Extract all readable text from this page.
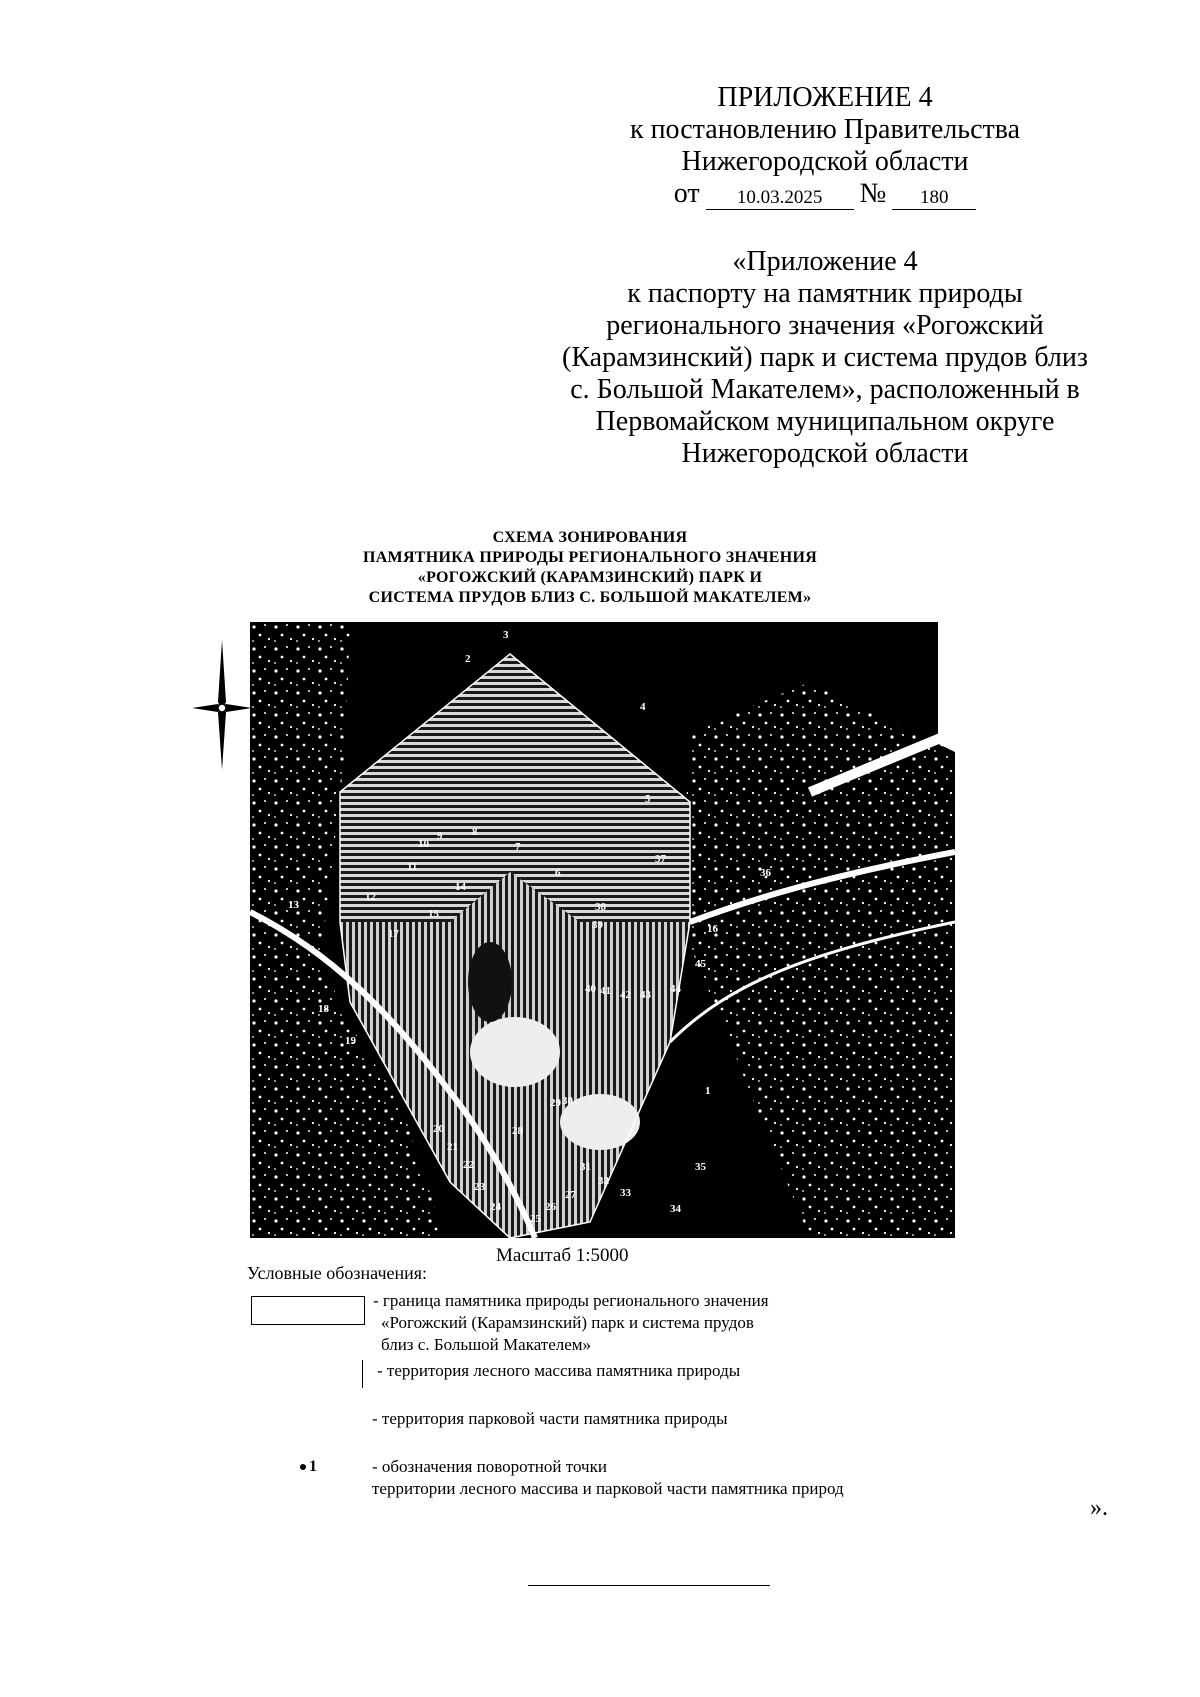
ПРИЛОЖЕНИЕ 4

к постановлению Правительства

Нижегородской области

от	10.03.2025	№	180

«Приложение 4

к паспорту на памятник природы

регионального значения «Рогожский

(Карамзинский) парк и система прудов близ

с. Большой Макателем», расположенный в

Первомайском муниципальном округе

Нижегородской области

СХЕМА ЗОНИРОВАНИЯ

ПАМЯТНИКА ПРИРОДЫ РЕГИОНАЛЬНОГО ЗНАЧЕНИЯ

«РОГОЖСКИЙ (КАРАМЗИНСКИЙ) ПАРК И

СИСТЕМА ПРУДОВ БЛИЗ С. БОЛЬШОЙ МАКАТЕЛЕМ»

1
2
3
4
5
6
7
8
9
10
11
12
13
14
15
16
17
18
19
20
21
22
23
24
25
26
27
28
29 30
31
32
33
34
35
36
37
38
39
40 41 42 43 44
45
Масштаб 1:5000
Условные обозначения:

- граница памятника природы регионального значения

«Рогожский (Карамзинский) парк и система прудов

близ с. Большой Макателем»

- территория лесного массива памятника природы
- территория парковой части памятника природы
1	- обозначения поворотной точки

территории лесного массива и парковой части памятника природ

».
